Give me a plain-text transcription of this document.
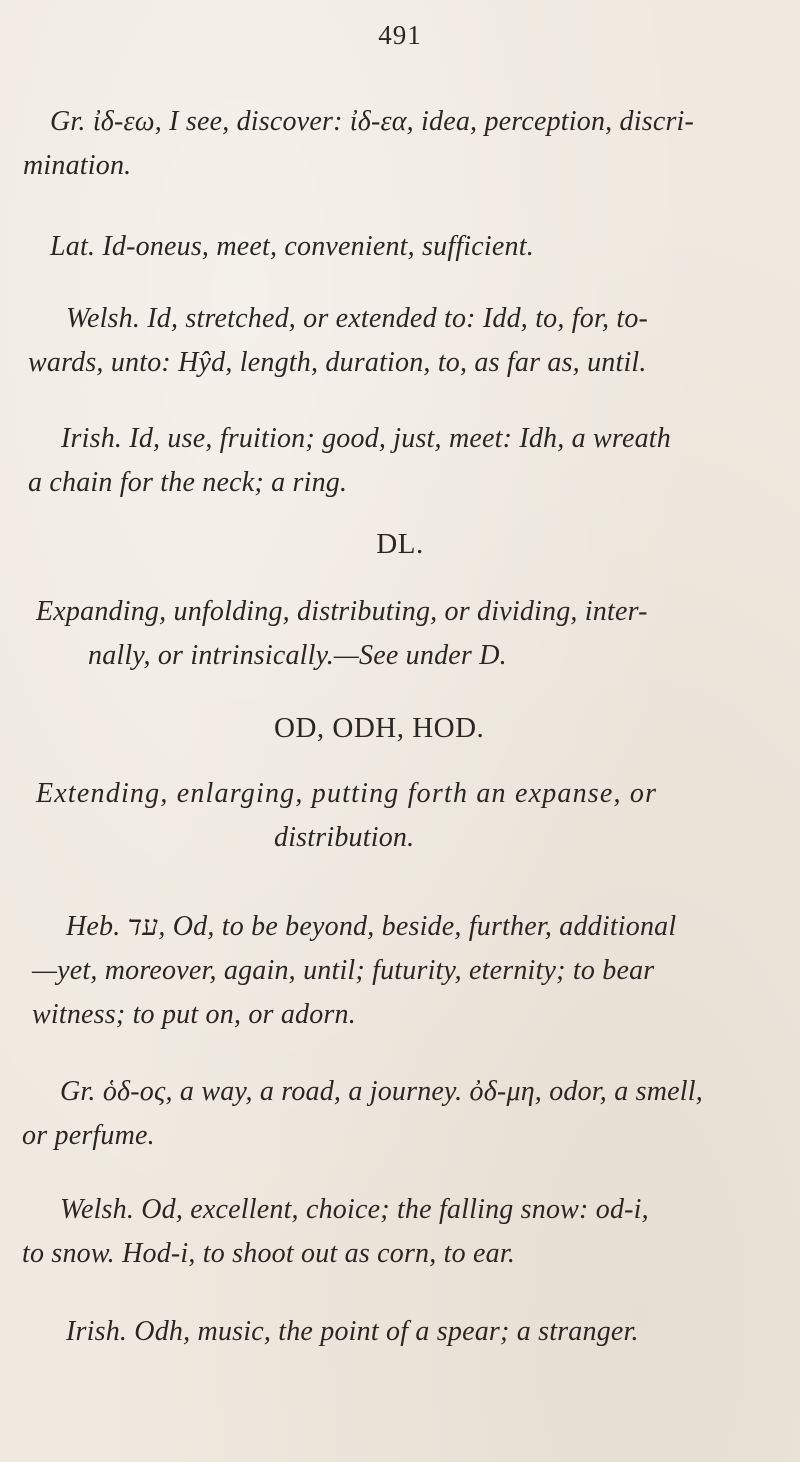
491
Gr. ἰδ-εω, I see, discover: ἰδ-εα, idea, perception, discri-
mination.
Lat. Id-oneus, meet, convenient, sufficient.
Welsh. Id, stretched, or extended to: Idd, to, for, to-
wards, unto: Hŷd, length, duration, to, as far as, until.
Irish. Id, use, fruition; good, just, meet: Idh, a wreath
a chain for the neck; a ring.
DL.
Expanding, unfolding, distributing, or dividing, inter-
nally, or intrinsically.—See under D.
OD, ODH, HOD.
Extending, enlarging, putting forth an expanse, or
distribution.
Heb. עד, Od, to be beyond, beside, further, additional
—yet, moreover, again, until; futurity, eternity; to bear
witness; to put on, or adorn.
Gr. ὁδ-ος, a way, a road, a journey. ὀδ-μη, odor, a smell,
or perfume.
Welsh. Od, excellent, choice; the falling snow: od-i,
to snow. Hod-i, to shoot out as corn, to ear.
Irish. Odh, music, the point of a spear; a stranger.
